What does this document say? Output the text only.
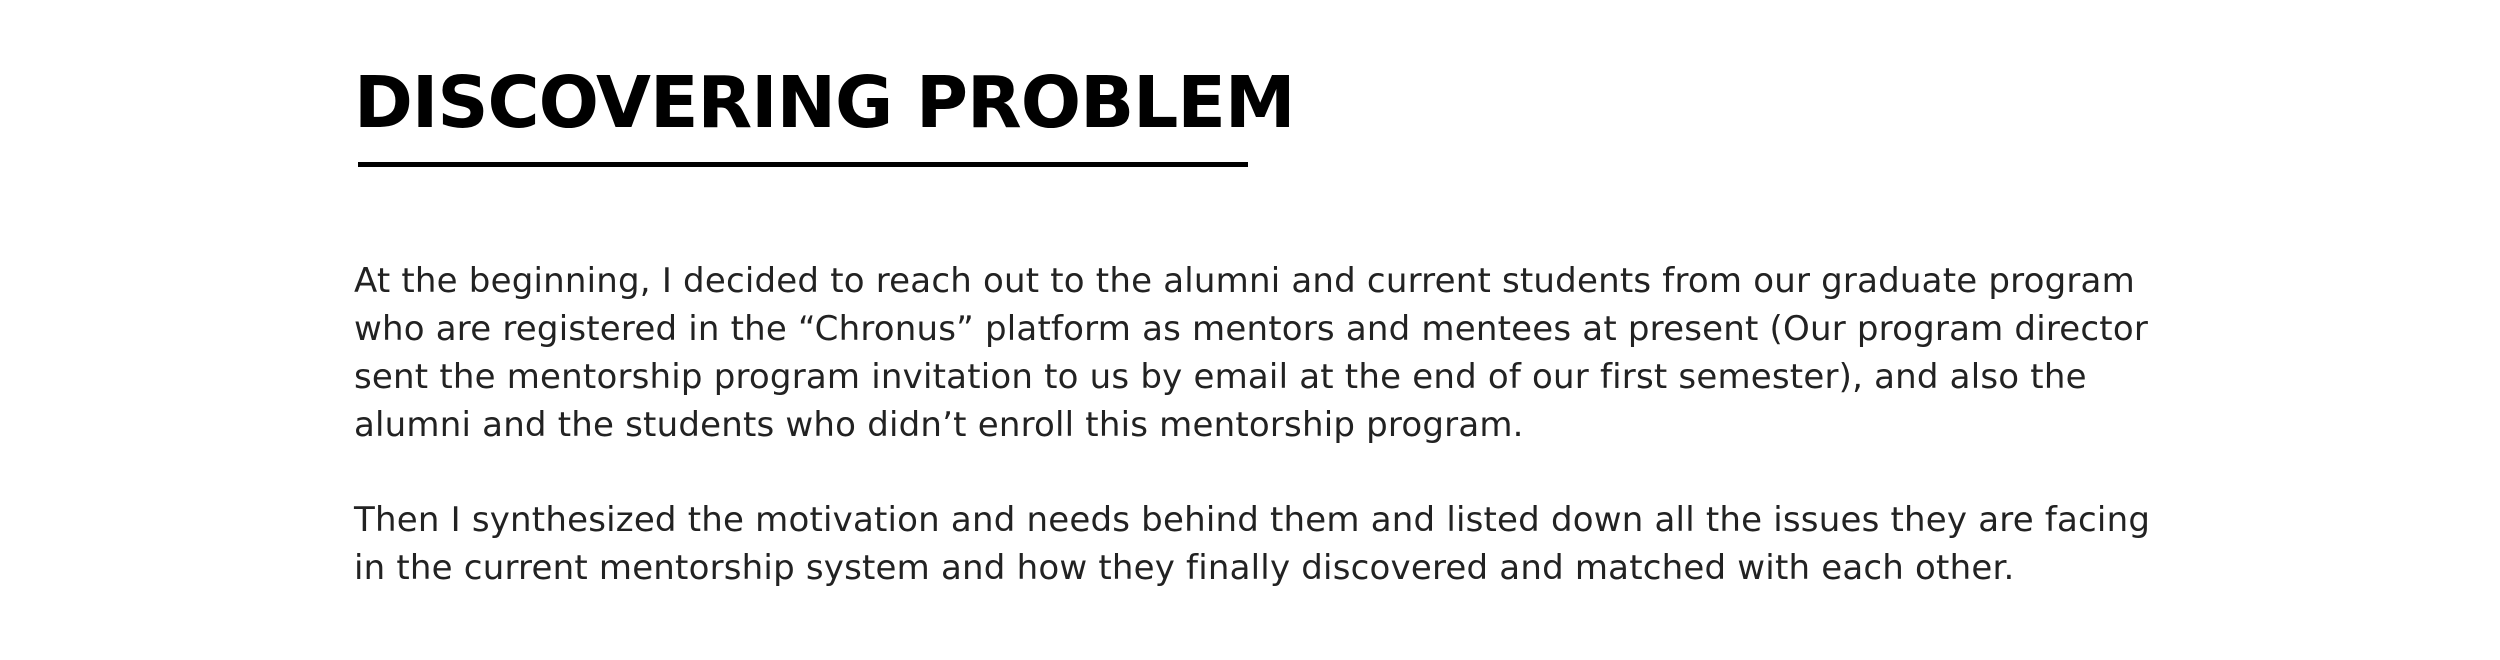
DISCOVERING PROBLEM

At the beginning, I decided to reach out to the alumni and current students from our graduate program who are registered in the “Chronus” platform as mentors and mentees at present (Our program director sent the mentorship program invitation to us by email at the end of our first semester), and also the alumni and the students who didn’t enroll this mentorship program.

Then I synthesized the motivation and needs behind them and listed down all the issues they are facing in the current mentorship system and how they finally discovered and matched with each other.
